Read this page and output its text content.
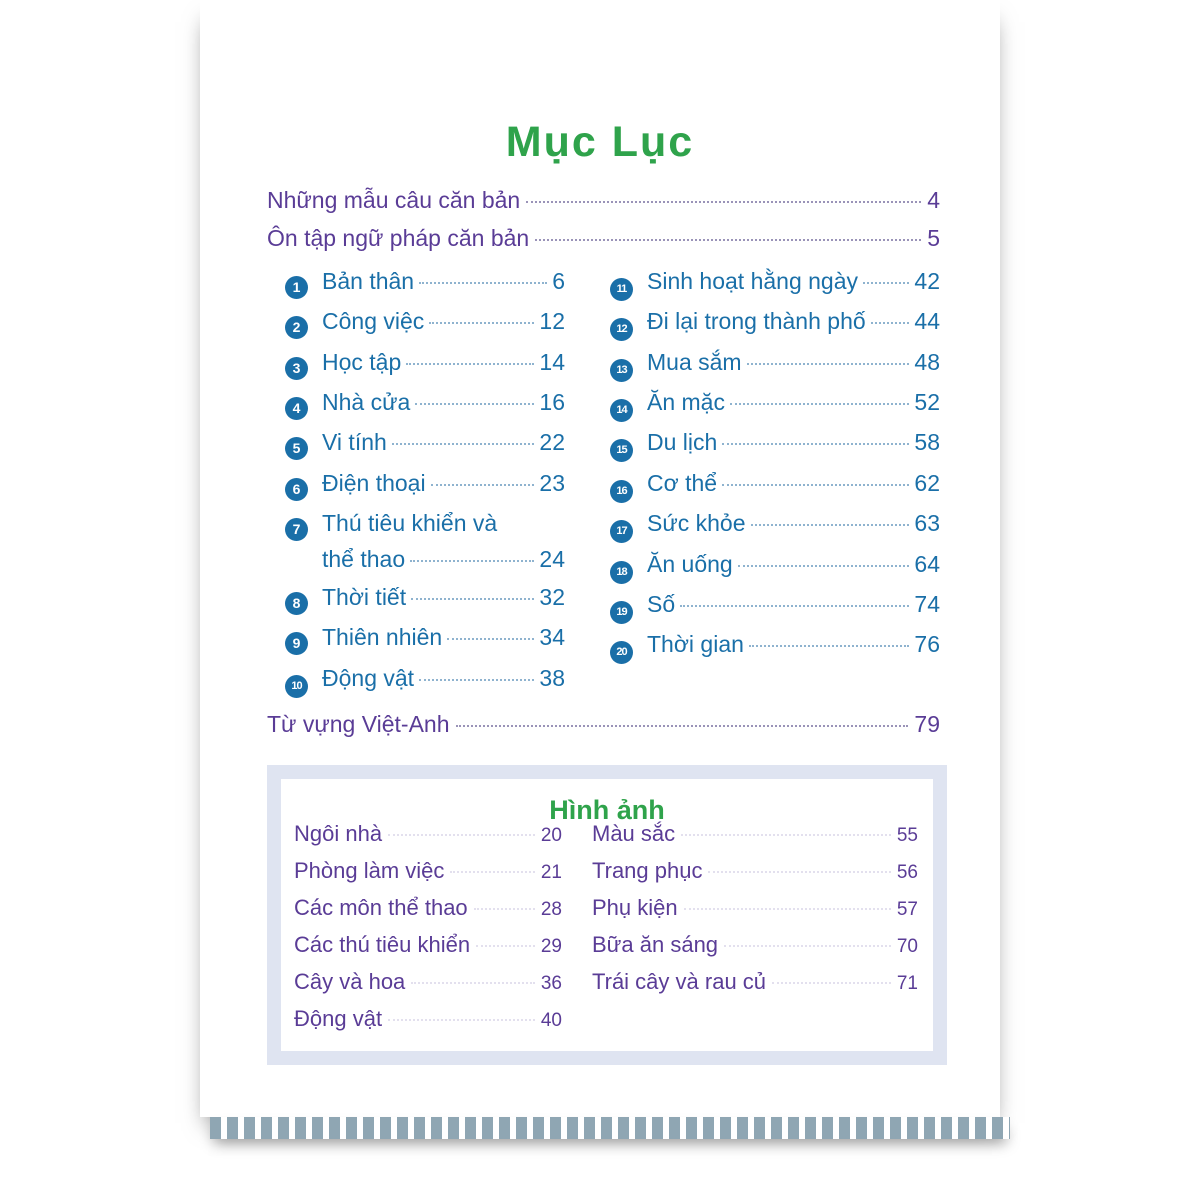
Mục Lục
Những mẫu câu căn bản	4
Ôn tập ngữ pháp căn bản	5
1 Bản thân	6
2 Công việc	12
3 Học tập	14
4 Nhà cửa	16
5 Vi tính	22
6 Điện thoại	23
7 Thú tiêu khiển và
thể thao	24
8 Thời tiết	32
9 Thiên nhiên	34
10 Động vật	38
11 Sinh hoạt hằng ngày 42
12 Đi lại trong thành phố 44
13 Mua sắm	48
14 Ăn mặc	52
15 Du lịch	58
16 Cơ thể	62
17 Sức khỏe	63
18 Ăn uống	64
19 Số	74
20 Thời gian	76
Từ vựng Việt-Anh	79
Hình ảnh
Ngôi nhà	20
Phòng làm việc	21
Các môn thể thao	28
Các thú tiêu khiển	29
Cây và hoa	36
Động vật	40
Màu sắc	55
Trang phục	56
Phụ kiện	57
Bữa ăn sáng	70
Trái cây và rau củ	71
